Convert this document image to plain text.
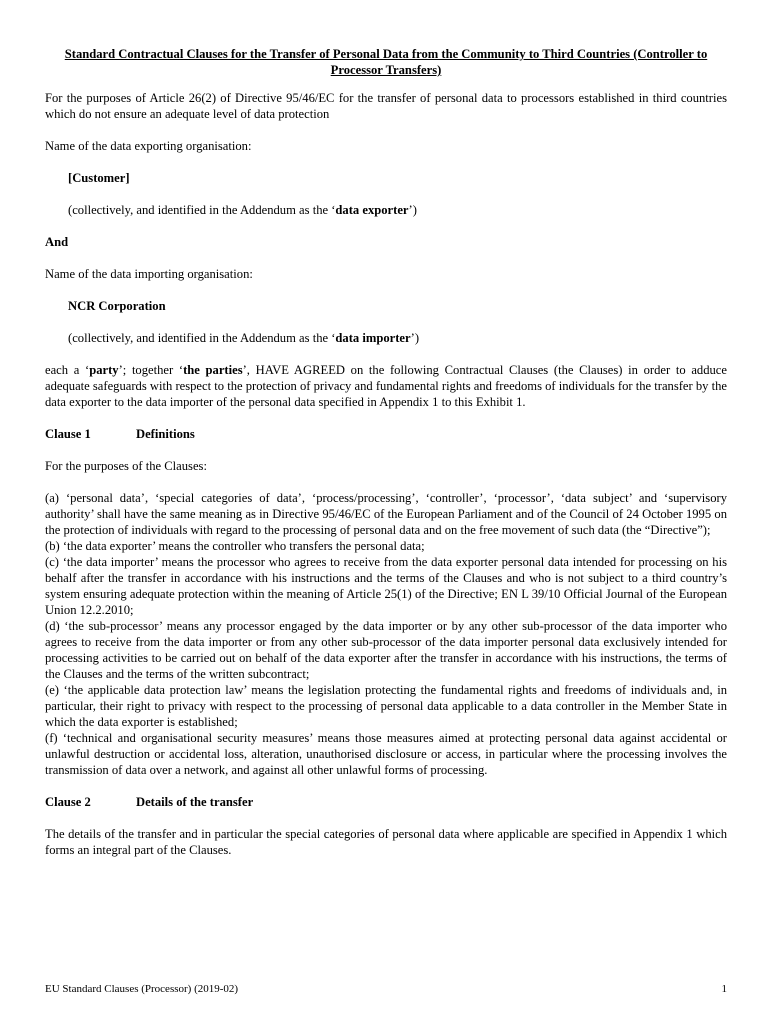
Standard Contractual Clauses for the Transfer of Personal Data from the Community to Third Countries (Controller to Processor Transfers)

For the purposes of Article 26(2) of Directive 95/46/EC for the transfer of personal data to processors established in third countries which do not ensure an adequate level of data protection

Name of the data exporting organisation:

[Customer]

(collectively, and identified in the Addendum as the ‘data exporter’)

And

Name of the data importing organisation:

NCR Corporation

(collectively, and identified in the Addendum as the ‘data importer’)

each a ‘party’; together ‘the parties’, HAVE AGREED on the following Contractual Clauses (the Clauses) in order to adduce adequate safeguards with respect to the protection of privacy and fundamental rights and freedoms of individuals for the transfer by the data exporter to the data importer of the personal data specified in Appendix 1 to this Exhibit 1.

Clause 1	Definitions

For the purposes of the Clauses:

(a) ‘personal data’, ‘special categories of data’, ‘process/processing’, ‘controller’, ‘processor’, ‘data subject’ and ‘supervisory authority’ shall have the same meaning as in Directive 95/46/EC of the European Parliament and of the Council of 24 October 1995 on the protection of individuals with regard to the processing of personal data and on the free movement of such data (the “Directive”);

(b) ‘the data exporter’ means the controller who transfers the personal data;

(c) ‘the data importer’ means the processor who agrees to receive from the data exporter personal data intended for processing on his behalf after the transfer in accordance with his instructions and the terms of the Clauses and who is not subject to a third country’s system ensuring adequate protection within the meaning of Article 25(1) of the Directive; EN L 39/10 Official Journal of the European Union 12.2.2010;

(d) ‘the sub-processor’ means any processor engaged by the data importer or by any other sub-processor of the data importer who agrees to receive from the data importer or from any other sub-processor of the data importer personal data exclusively intended for processing activities to be carried out on behalf of the data exporter after the transfer in accordance with his instructions, the terms of the Clauses and the terms of the written subcontract;

(e) ‘the applicable data protection law’ means the legislation protecting the fundamental rights and freedoms of individuals and, in particular, their right to privacy with respect to the processing of personal data applicable to a data controller in the Member State in which the data exporter is established;

(f) ‘technical and organisational security measures’ means those measures aimed at protecting personal data against accidental or unlawful destruction or accidental loss, alteration, unauthorised disclosure or access, in particular where the processing involves the transmission of data over a network, and against all other unlawful forms of processing.

Clause 2	Details of the transfer

The details of the transfer and in particular the special categories of personal data where applicable are specified in Appendix 1 which forms an integral part of the Clauses.

EU Standard Clauses (Processor) (2019-02)	1
